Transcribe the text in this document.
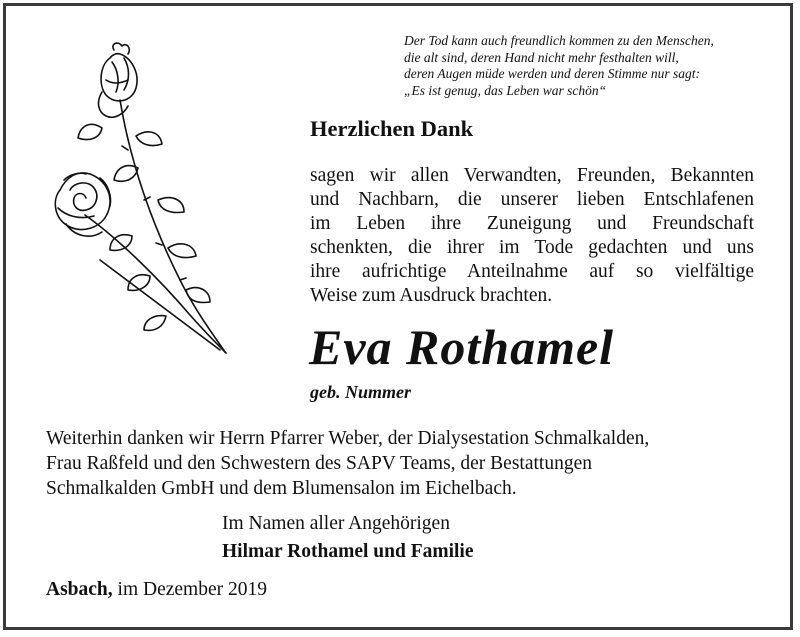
Der Tod kann auch freundlich kommen zu den Menschen,
die alt sind, deren Hand nicht mehr festhalten will,
deren Augen müde werden und deren Stimme nur sagt:
„Es ist genug, das Leben war schön“
Herzlichen Dank
sagen wir allen Verwandten, Freunden, Bekannten
und Nachbarn, die unserer lieben Entschlafenen
im Leben ihre Zuneigung und Freundschaft
schenkten, die ihrer im Tode gedachten und uns
ihre aufrichtige Anteilnahme auf so vielfältige
Weise zum Ausdruck brachten.
Eva Rothamel
geb. Nummer
Weiterhin danken wir Herrn Pfarrer Weber, der Dialysestation Schmalkalden,
Frau Raßfeld und den Schwestern des SAPV Teams, der Bestattungen
Schmalkalden GmbH und dem Blumensalon im Eichelbach.
Im Namen aller Angehörigen
Hilmar Rothamel und Familie
Asbach, im Dezember 2019
